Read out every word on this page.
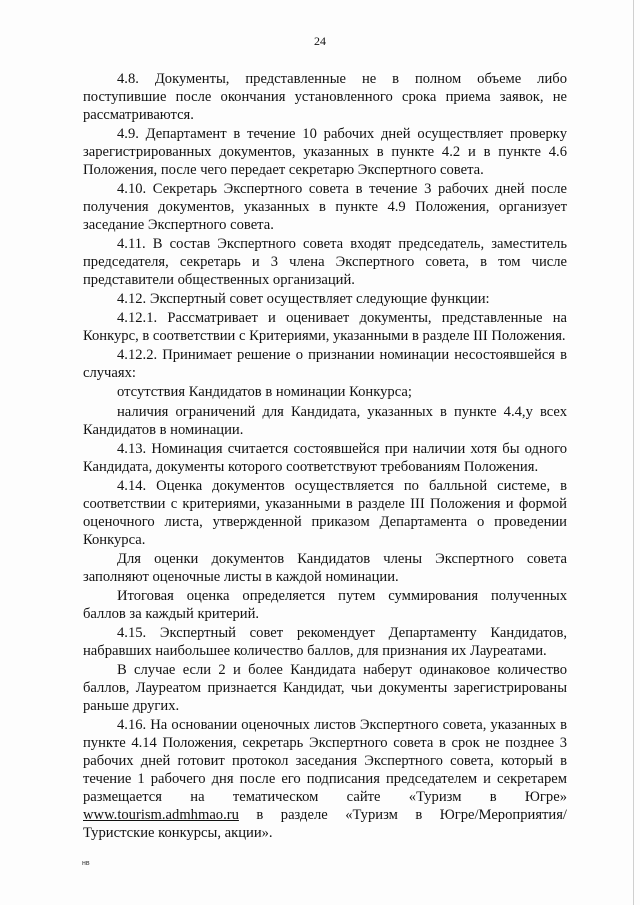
24

4.8. Документы, представленные не в полном объеме либо поступившие после окончания установленного срока приема заявок, не рассматриваются.

4.9. Департамент в течение 10 рабочих дней осуществляет проверку зарегистрированных документов, указанных в пункте 4.2 и в пункте 4.6 Положения, после чего передает секретарю Экспертного совета.

4.10. Секретарь Экспертного совета в течение 3 рабочих дней после получения документов, указанных в пункте 4.9 Положения, организует заседание Экспертного совета.

4.11. В состав Экспертного совета входят председатель, заместитель председателя, секретарь и 3 члена Экспертного совета, в том числе представители общественных организаций.

4.12. Экспертный совет осуществляет следующие функции:

4.12.1. Рассматривает и оценивает документы, представленные на Конкурс, в соответствии с Критериями, указанными в разделе III Положения.

4.12.2. Принимает решение о признании номинации несостоявшейся в случаях:

отсутствия Кандидатов в номинации Конкурса;

наличия ограничений для Кандидата, указанных в пункте 4.4,у всех Кандидатов в номинации.

4.13. Номинация считается состоявшейся при наличии хотя бы одного Кандидата, документы которого соответствуют требованиям Положения.

4.14. Оценка документов осуществляется по балльной системе, в соответствии с критериями, указанными в разделе III Положения и формой оценочного листа, утвержденной приказом Департамента о проведении Конкурса.

Для оценки документов Кандидатов члены Экспертного совета заполняют оценочные листы в каждой номинации.

Итоговая оценка определяется путем суммирования полученных баллов за каждый критерий.

4.15. Экспертный совет рекомендует Департаменту Кандидатов, набравших наибольшее количество баллов, для признания их Лауреатами.

В случае если 2 и более Кандидата наберут одинаковое количество баллов, Лауреатом признается Кандидат, чьи документы зарегистрированы раньше других.

4.16. На основании оценочных листов Экспертного совета, указанных в пункте 4.14 Положения, секретарь Экспертного совета в срок не позднее 3 рабочих дней готовит протокол заседания Экспертного совета, который в течение 1 рабочего дня после его подписания председателем и секретарем размещается на тематическом сайте «Туризм в Югре» www.tourism.admhmao.ru в разделе «Туризм в Югре/Мероприятия/Туристские конкурсы, акции».

нв
